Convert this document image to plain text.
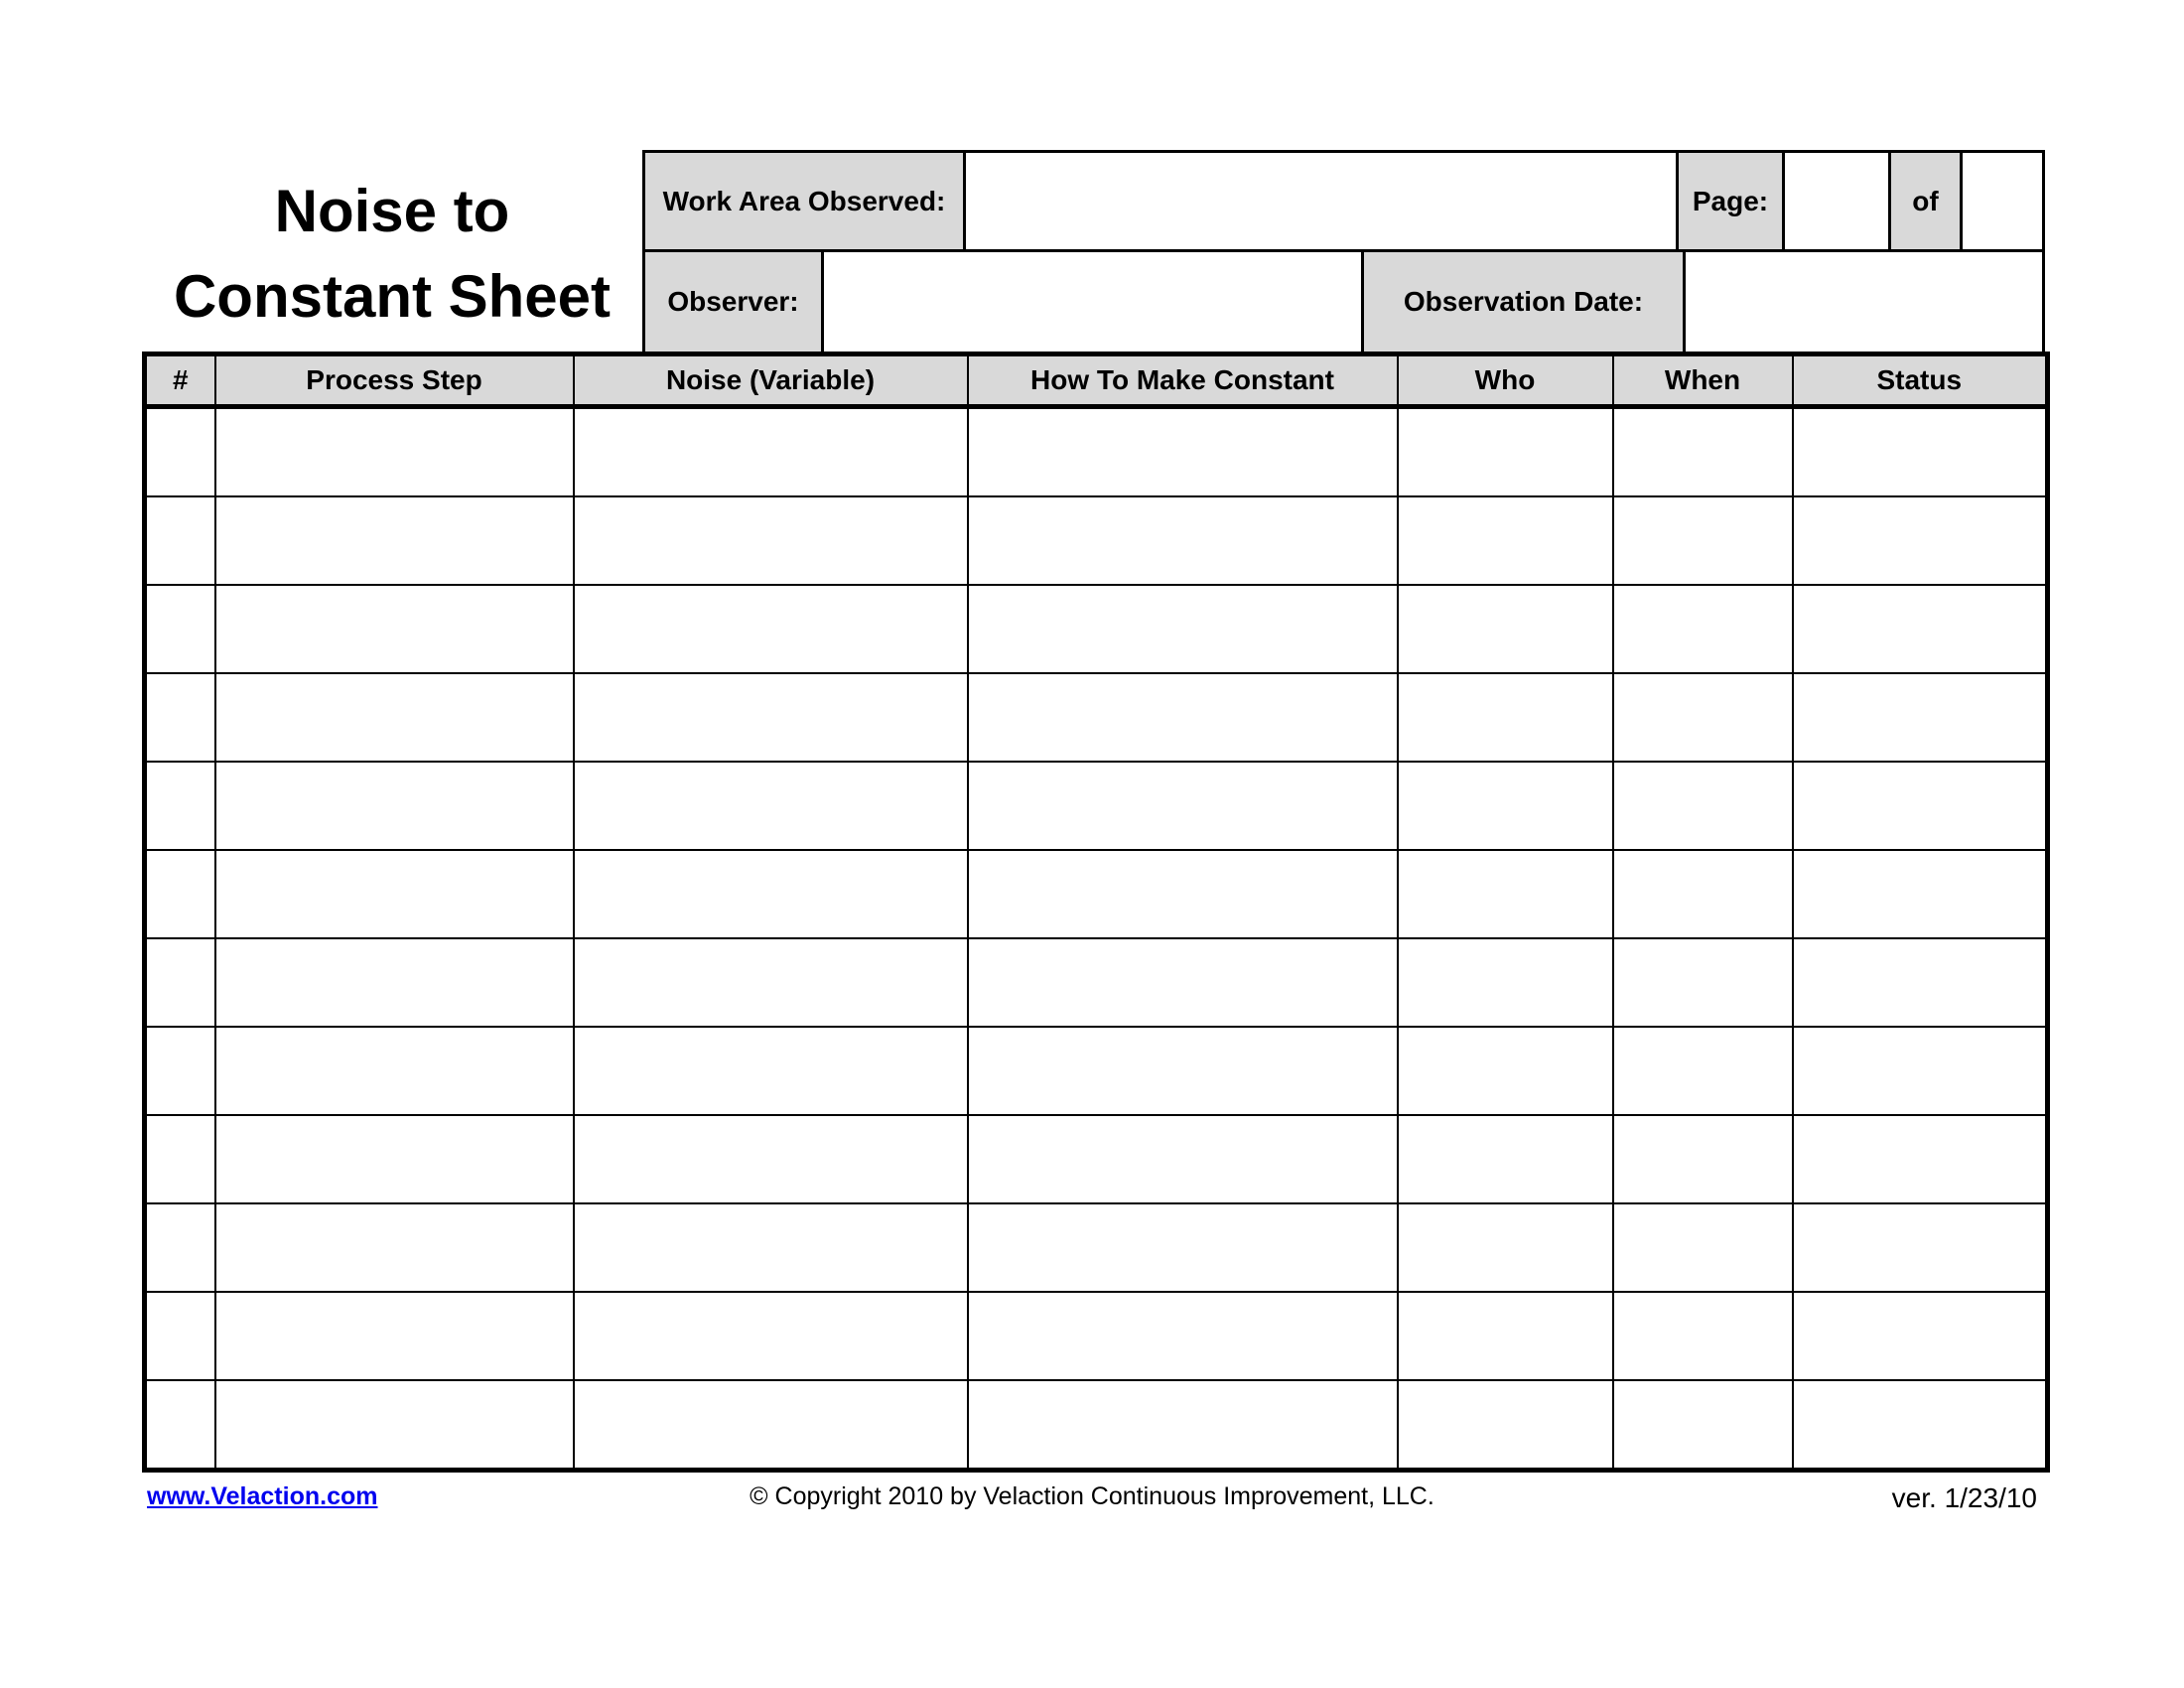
Noise to
Constant Sheet
Work Area Observed:	Page:	of
Observer:	Observation Date:
#	Process Step	Noise (Variable)	How To Make Constant	Who	When	Status

www.Velaction.com	© Copyright 2010 by Velaction Continuous Improvement, LLC.	ver. 1/23/10
